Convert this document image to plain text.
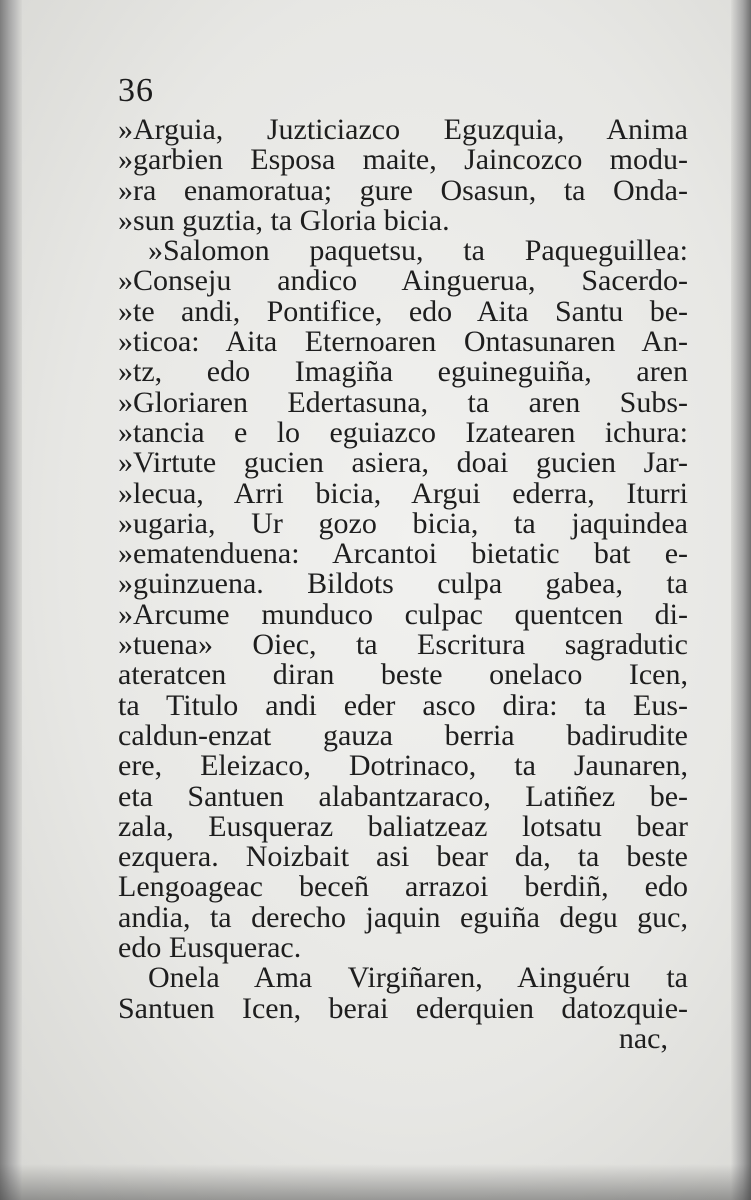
36
»Arguia, Juzticiazco Eguzquia, Anima
»garbien Esposa maite, Jaincozco modu-
»ra enamoratua; gure Osasun, ta Onda-
»sun guztia, ta Gloria bicia.
»Salomon paquetsu, ta Paqueguillea:
»Conseju andico Ainguerua, Sacerdo-
»te andi, Pontifice, edo Aita Santu be-
»ticoa: Aita Eternoaren Ontasunaren An-
»tz, edo Imagiña eguineguiña, aren
»Gloriaren Edertasuna, ta aren Subs-
»tancia e lo eguiazco Izatearen ichura:
»Virtute gucien asiera, doai gucien Jar-
»lecua, Arri bicia, Argui ederra, Iturri
»ugaria, Ur gozo bicia, ta jaquindea
»ematenduena: Arcantoi bietatic bat e-
»guinzuena. Bildots culpa gabea, ta
»Arcume munduco culpac quentcen di-
»tuena» Oiec, ta Escritura sagradutic
ateratcen diran beste onelaco Icen,
ta Titulo andi eder asco dira: ta Eus-
caldun-enzat gauza berria badiruditе
ere, Eleizaco, Dotrinaco, ta Jaunaren,
eta Santuen alabantzaraco, Latiñez be-
zala, Eusqueraz baliatzeaz lotsatu bear
ezquera. Noizbait asi bear da, ta beste
Lengoageac beceñ arrazoi berdiñ, edo
andia, ta derecho jaquin eguiña degu guc,
edo Eusquerac.
Onela Ama Virgiñaren, Ainguéru ta
Santuen Icen, berai ederquien datozquie-
nac,
